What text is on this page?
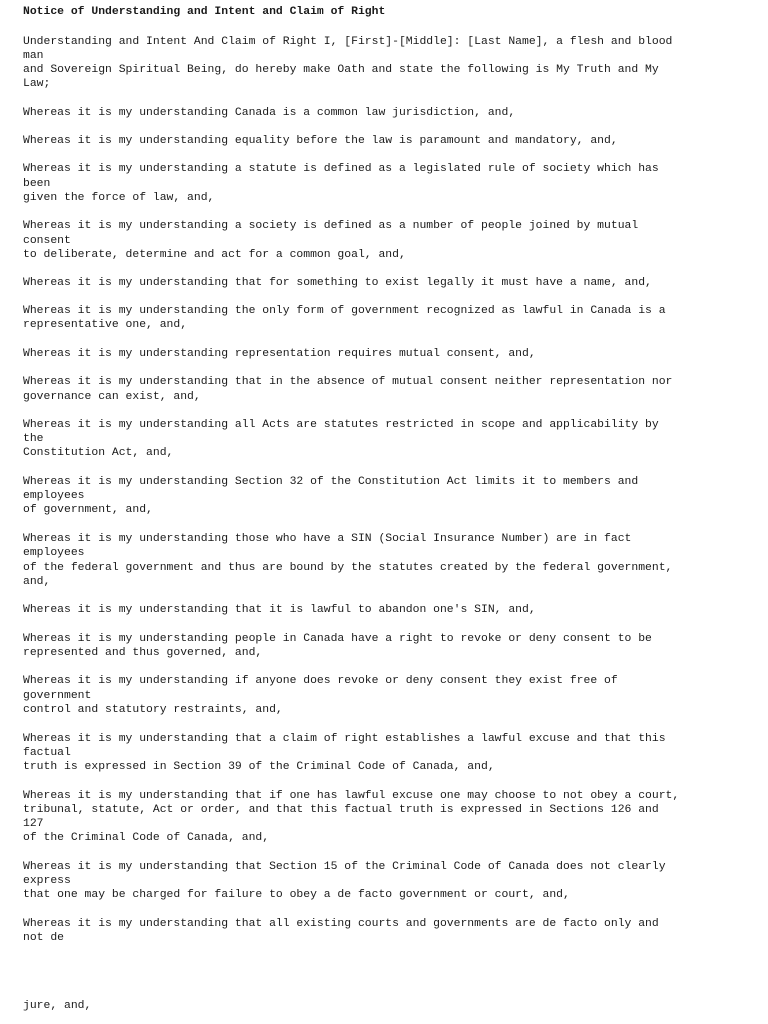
Notice of Understanding and Intent and Claim of Right
Understanding and Intent And Claim of Right I, [First]-[Middle]: [Last Name], a flesh and blood
man
and Sovereign Spiritual Being, do hereby make Oath and state the following is My Truth and My
Law;
Whereas it is my understanding Canada is a common law jurisdiction, and,
Whereas it is my understanding equality before the law is paramount and mandatory, and,
Whereas it is my understanding a statute is defined as a legislated rule of society which has
been
given the force of law, and,
Whereas it is my understanding a society is defined as a number of people joined by mutual
consent
to deliberate, determine and act for a common goal, and,
Whereas it is my understanding that for something to exist legally it must have a name, and,
Whereas it is my understanding the only form of government recognized as lawful in Canada is a
representative one, and,
Whereas it is my understanding representation requires mutual consent, and,
Whereas it is my understanding that in the absence of mutual consent neither representation nor
governance can exist, and,
Whereas it is my understanding all Acts are statutes restricted in scope and applicability by
the
Constitution Act, and,
Whereas it is my understanding Section 32 of the Constitution Act limits it to members and
employees
of government, and,
Whereas it is my understanding those who have a SIN (Social Insurance Number) are in fact
employees
of the federal government and thus are bound by the statutes created by the federal government,
and,
Whereas it is my understanding that it is lawful to abandon one's SIN, and,
Whereas it is my understanding people in Canada have a right to revoke or deny consent to be
represented and thus governed, and,
Whereas it is my understanding if anyone does revoke or deny consent they exist free of
government
control and statutory restraints, and,
Whereas it is my understanding that a claim of right establishes a lawful excuse and that this
factual
truth is expressed in Section 39 of the Criminal Code of Canada, and,
Whereas it is my understanding that if one has lawful excuse one may choose to not obey a court,
tribunal, statute, Act or order, and that this factual truth is expressed in Sections 126 and
127
of the Criminal Code of Canada, and,
Whereas it is my understanding that Section 15 of the Criminal Code of Canada does not clearly
express
that one may be charged for failure to obey a de facto government or court, and,
Whereas it is my understanding that all existing courts and governments are de facto only and
not de
jure, and,
